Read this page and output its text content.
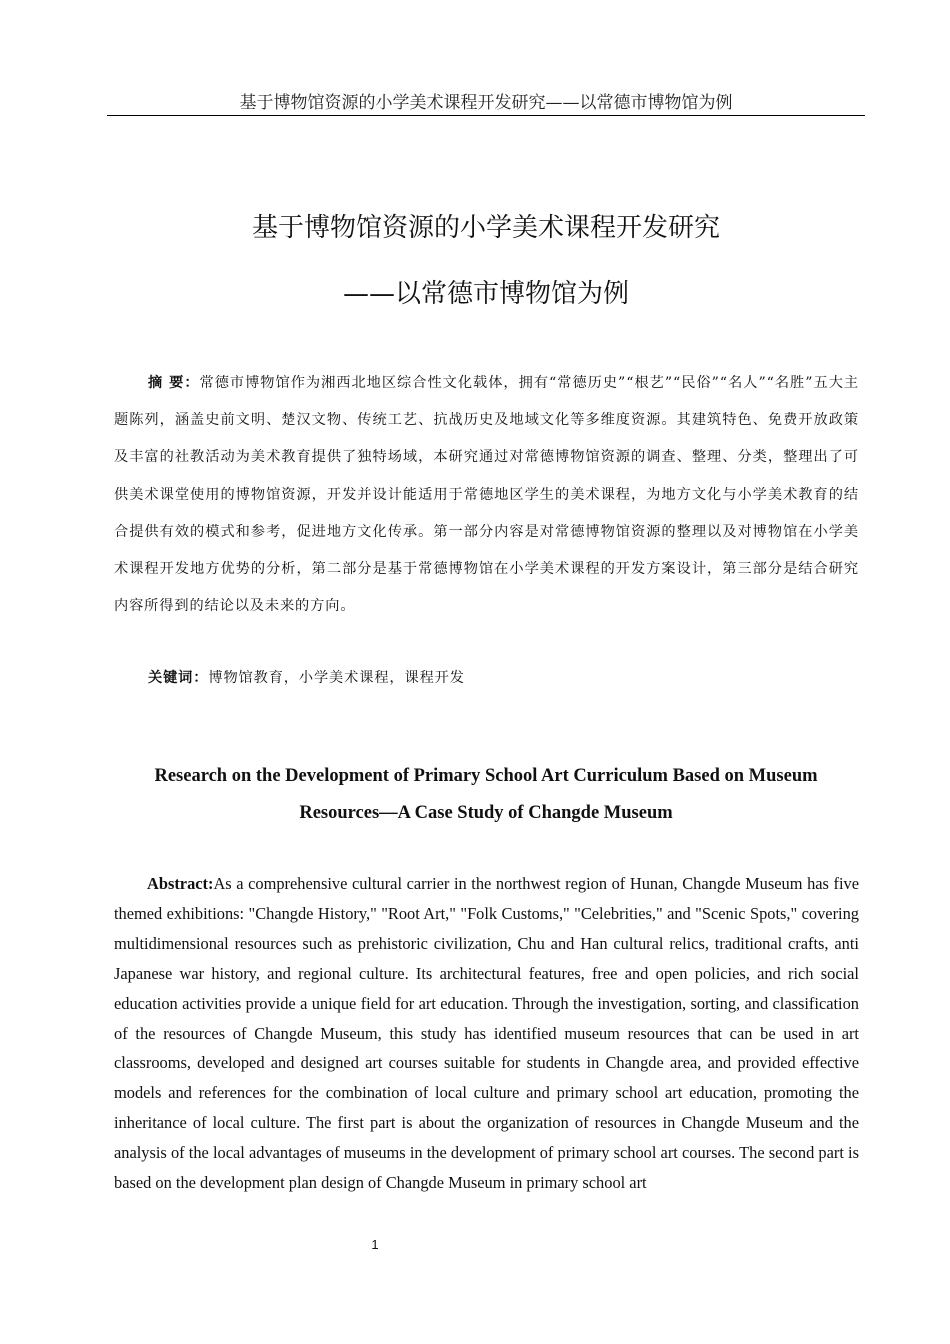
基于博物馆资源的小学美术课程开发研究——以常德市博物馆为例
基于博物馆资源的小学美术课程开发研究
——以常德市博物馆为例

摘 要：常德市博物馆作为湘西北地区综合性文化载体，拥有“常德历史”“根艺”“民俗”“名人”“名胜”五大主题陈列，涵盖史前文明、楚汉文物、传统工艺、抗战历史及地域文化等多维度资源。其建筑特色、免费开放政策及丰富的社教活动为美术教育提供了独特场域，本研究通过对常德博物馆资源的调查、整理、分类，整理出了可供美术课堂使用的博物馆资源，开发并设计能适用于常德地区学生的美术课程，为地方文化与小学美术教育的结合提供有效的模式和参考，促进地方文化传承。第一部分内容是对常德博物馆资源的整理以及对博物馆在小学美术课程开发地方优势的分析，第二部分是基于常德博物馆在小学美术课程的开发方案设计，第三部分是结合研究内容所得到的结论以及未来的方向。

关键词：博物馆教育，小学美术课程，课程开发

Research on the Development of Primary School Art Curriculum Based on Museum
Resources—A Case Study of Changde Museum

Abstract:As a comprehensive cultural carrier in the northwest region of Hunan, Changde Museum has five themed exhibitions: "Changde History," "Root Art," "Folk Customs," "Celebrities," and "Scenic Spots," covering multidimensional resources such as prehistoric civilization, Chu and Han cultural relics, traditional crafts, anti Japanese war history, and regional culture. Its architectural features, free and open policies, and rich social education activities provide a unique field for art education. Through the investigation, sorting, and classification of the resources of Changde Museum, this study has identified museum resources that can be used in art classrooms, developed and designed art courses suitable for students in Changde area, and provided effective models and references for the combination of local culture and primary school art education, promoting the inheritance of local culture. The first part is about the organization of resources in Changde Museum and the analysis of the local advantages of museums in the development of primary school art courses. The second part is based on the development plan design of Changde Museum in primary school art

1
